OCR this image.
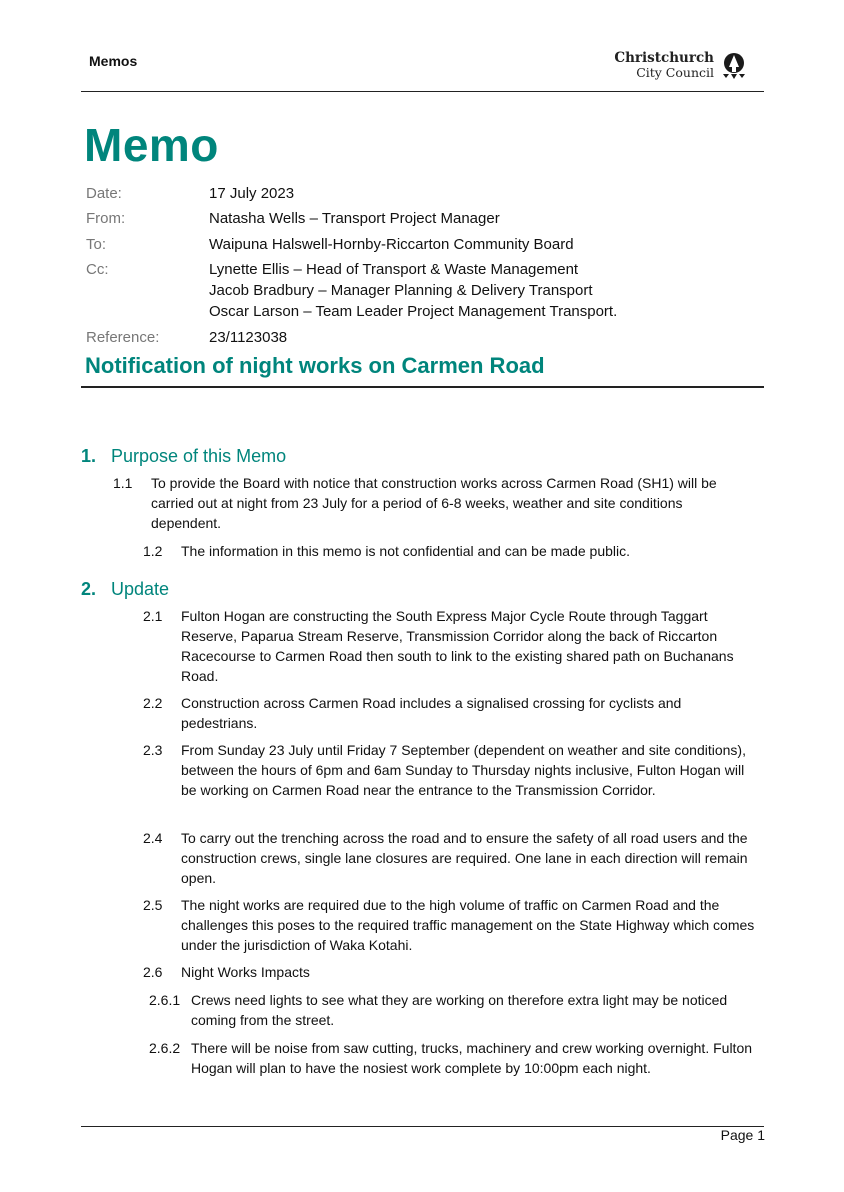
Memos	Christchurch
City Council
Memo
Date:	17 July 2023
From:	Natasha Wells – Transport Project Manager
To:	Waipuna Halswell-Hornby-Riccarton Community Board
Cc:	Lynette Ellis – Head of Transport & Waste Management
Jacob Bradbury – Manager Planning & Delivery Transport
Oscar Larson – Team Leader Project Management Transport.
Reference:	23/1123038
Notification of night works on Carmen Road
1. Purpose of this Memo
1.1 To provide the Board with notice that construction works across Carmen Road (SH1) will be carried out at night from 23 July for a period of 6-8 weeks, weather and site conditions dependent.
1.2 The information in this memo is not confidential and can be made public.
2. Update
2.1 Fulton Hogan are constructing the South Express Major Cycle Route through Taggart Reserve, Paparua Stream Reserve, Transmission Corridor along the back of Riccarton Racecourse to Carmen Road then south to link to the existing shared path on Buchanans Road.
2.2 Construction across Carmen Road includes a signalised crossing for cyclists and pedestrians.
2.3 From Sunday 23 July until Friday 7 September (dependent on weather and site conditions), between the hours of 6pm and 6am Sunday to Thursday nights inclusive, Fulton Hogan will be working on Carmen Road near the entrance to the Transmission Corridor.
2.4 To carry out the trenching across the road and to ensure the safety of all road users and the construction crews, single lane closures are required. One lane in each direction will remain open.
2.5 The night works are required due to the high volume of traffic on Carmen Road and the challenges this poses to the required traffic management on the State Highway which comes under the jurisdiction of Waka Kotahi.
2.6 Night Works Impacts
2.6.1 Crews need lights to see what they are working on therefore extra light may be noticed coming from the street.
2.6.2 There will be noise from saw cutting, trucks, machinery and crew working overnight. Fulton Hogan will plan to have the nosiest work complete by 10:00pm each night.
Page 1
